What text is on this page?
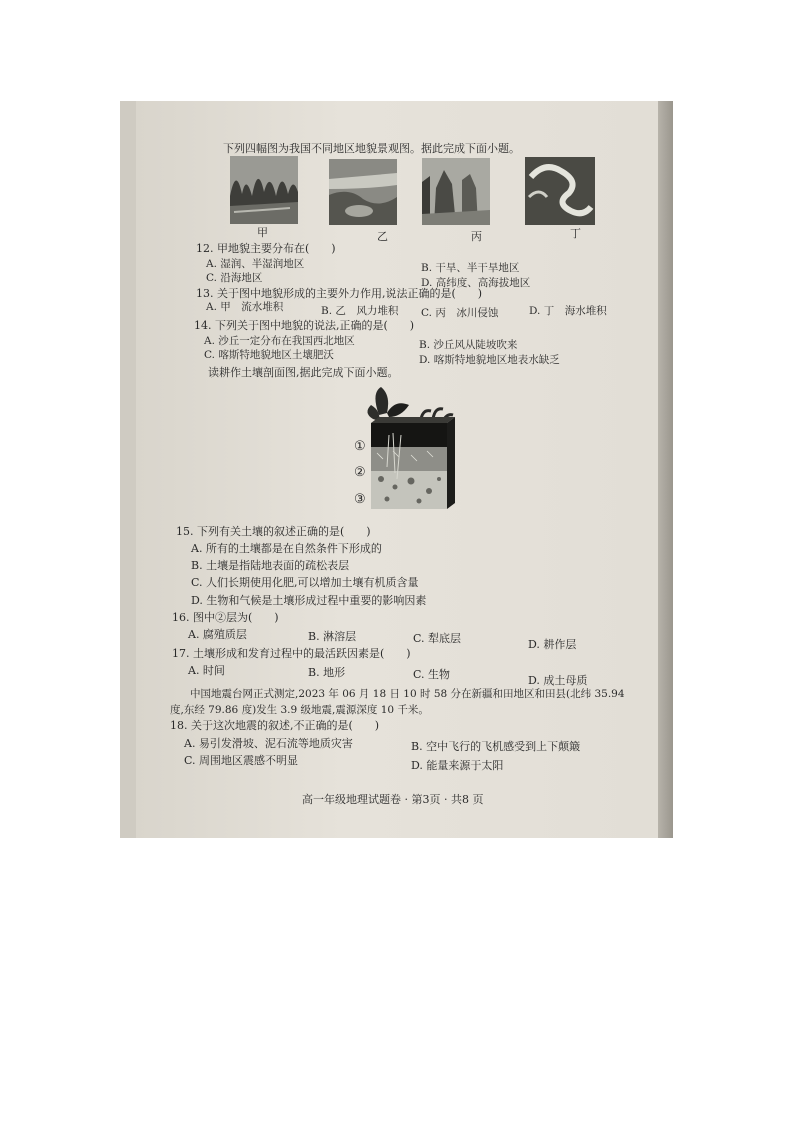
下列四幅图为我国不同地区地貌景观图。据此完成下面小题。
甲	乙	丙	丁
12. 甲地貌主要分布在(　　)
A. 湿润、半湿润地区	B. 干旱、半干旱地区
C. 沿海地区	D. 高纬度、高海拔地区
13. 关于图中地貌形成的主要外力作用,说法正确的是(　　)
A. 甲　流水堆积	B. 乙　风力堆积 C. 丙　冰川侵蚀	D. 丁　海水堆积
14. 下列关于图中地貌的说法,正确的是(　　)
A. 沙丘一定分布在我国西北地区	B. 沙丘风从陡坡吹来
C. 喀斯特地貌地区土壤肥沃	D. 喀斯特地貌地区地表水缺乏
读耕作土壤剖面图,据此完成下面小题。
①
②
③
15. 下列有关土壤的叙述正确的是(　　)
A. 所有的土壤都是在自然条件下形成的
B. 土壤是指陆地表面的疏松表层
C. 人们长期使用化肥,可以增加土壤有机质含量
D. 生物和气候是土壤形成过程中重要的影响因素
16. 图中②层为(　　)
A. 腐殖质层	B. 淋溶层	C. 犁底层	D. 耕作层
17. 土壤形成和发育过程中的最活跃因素是(　　)
A. 时间	B. 地形	C. 生物	D. 成土母质
中国地震台网正式测定,2023 年 06 月 18 日 10 时 58 分在新疆和田地区和田县(北纬 35.94
度,东经 79.86 度)发生 3.9 级地震,震源深度 10 千米。
18. 关于这次地震的叙述,不正确的是(　　)
A. 易引发滑坡、泥石流等地质灾害	B. 空中飞行的飞机感受到上下颠簸
C. 周围地区震感不明显	D. 能量来源于太阳
高一年级地理试题卷 · 第3页 · 共8 页
